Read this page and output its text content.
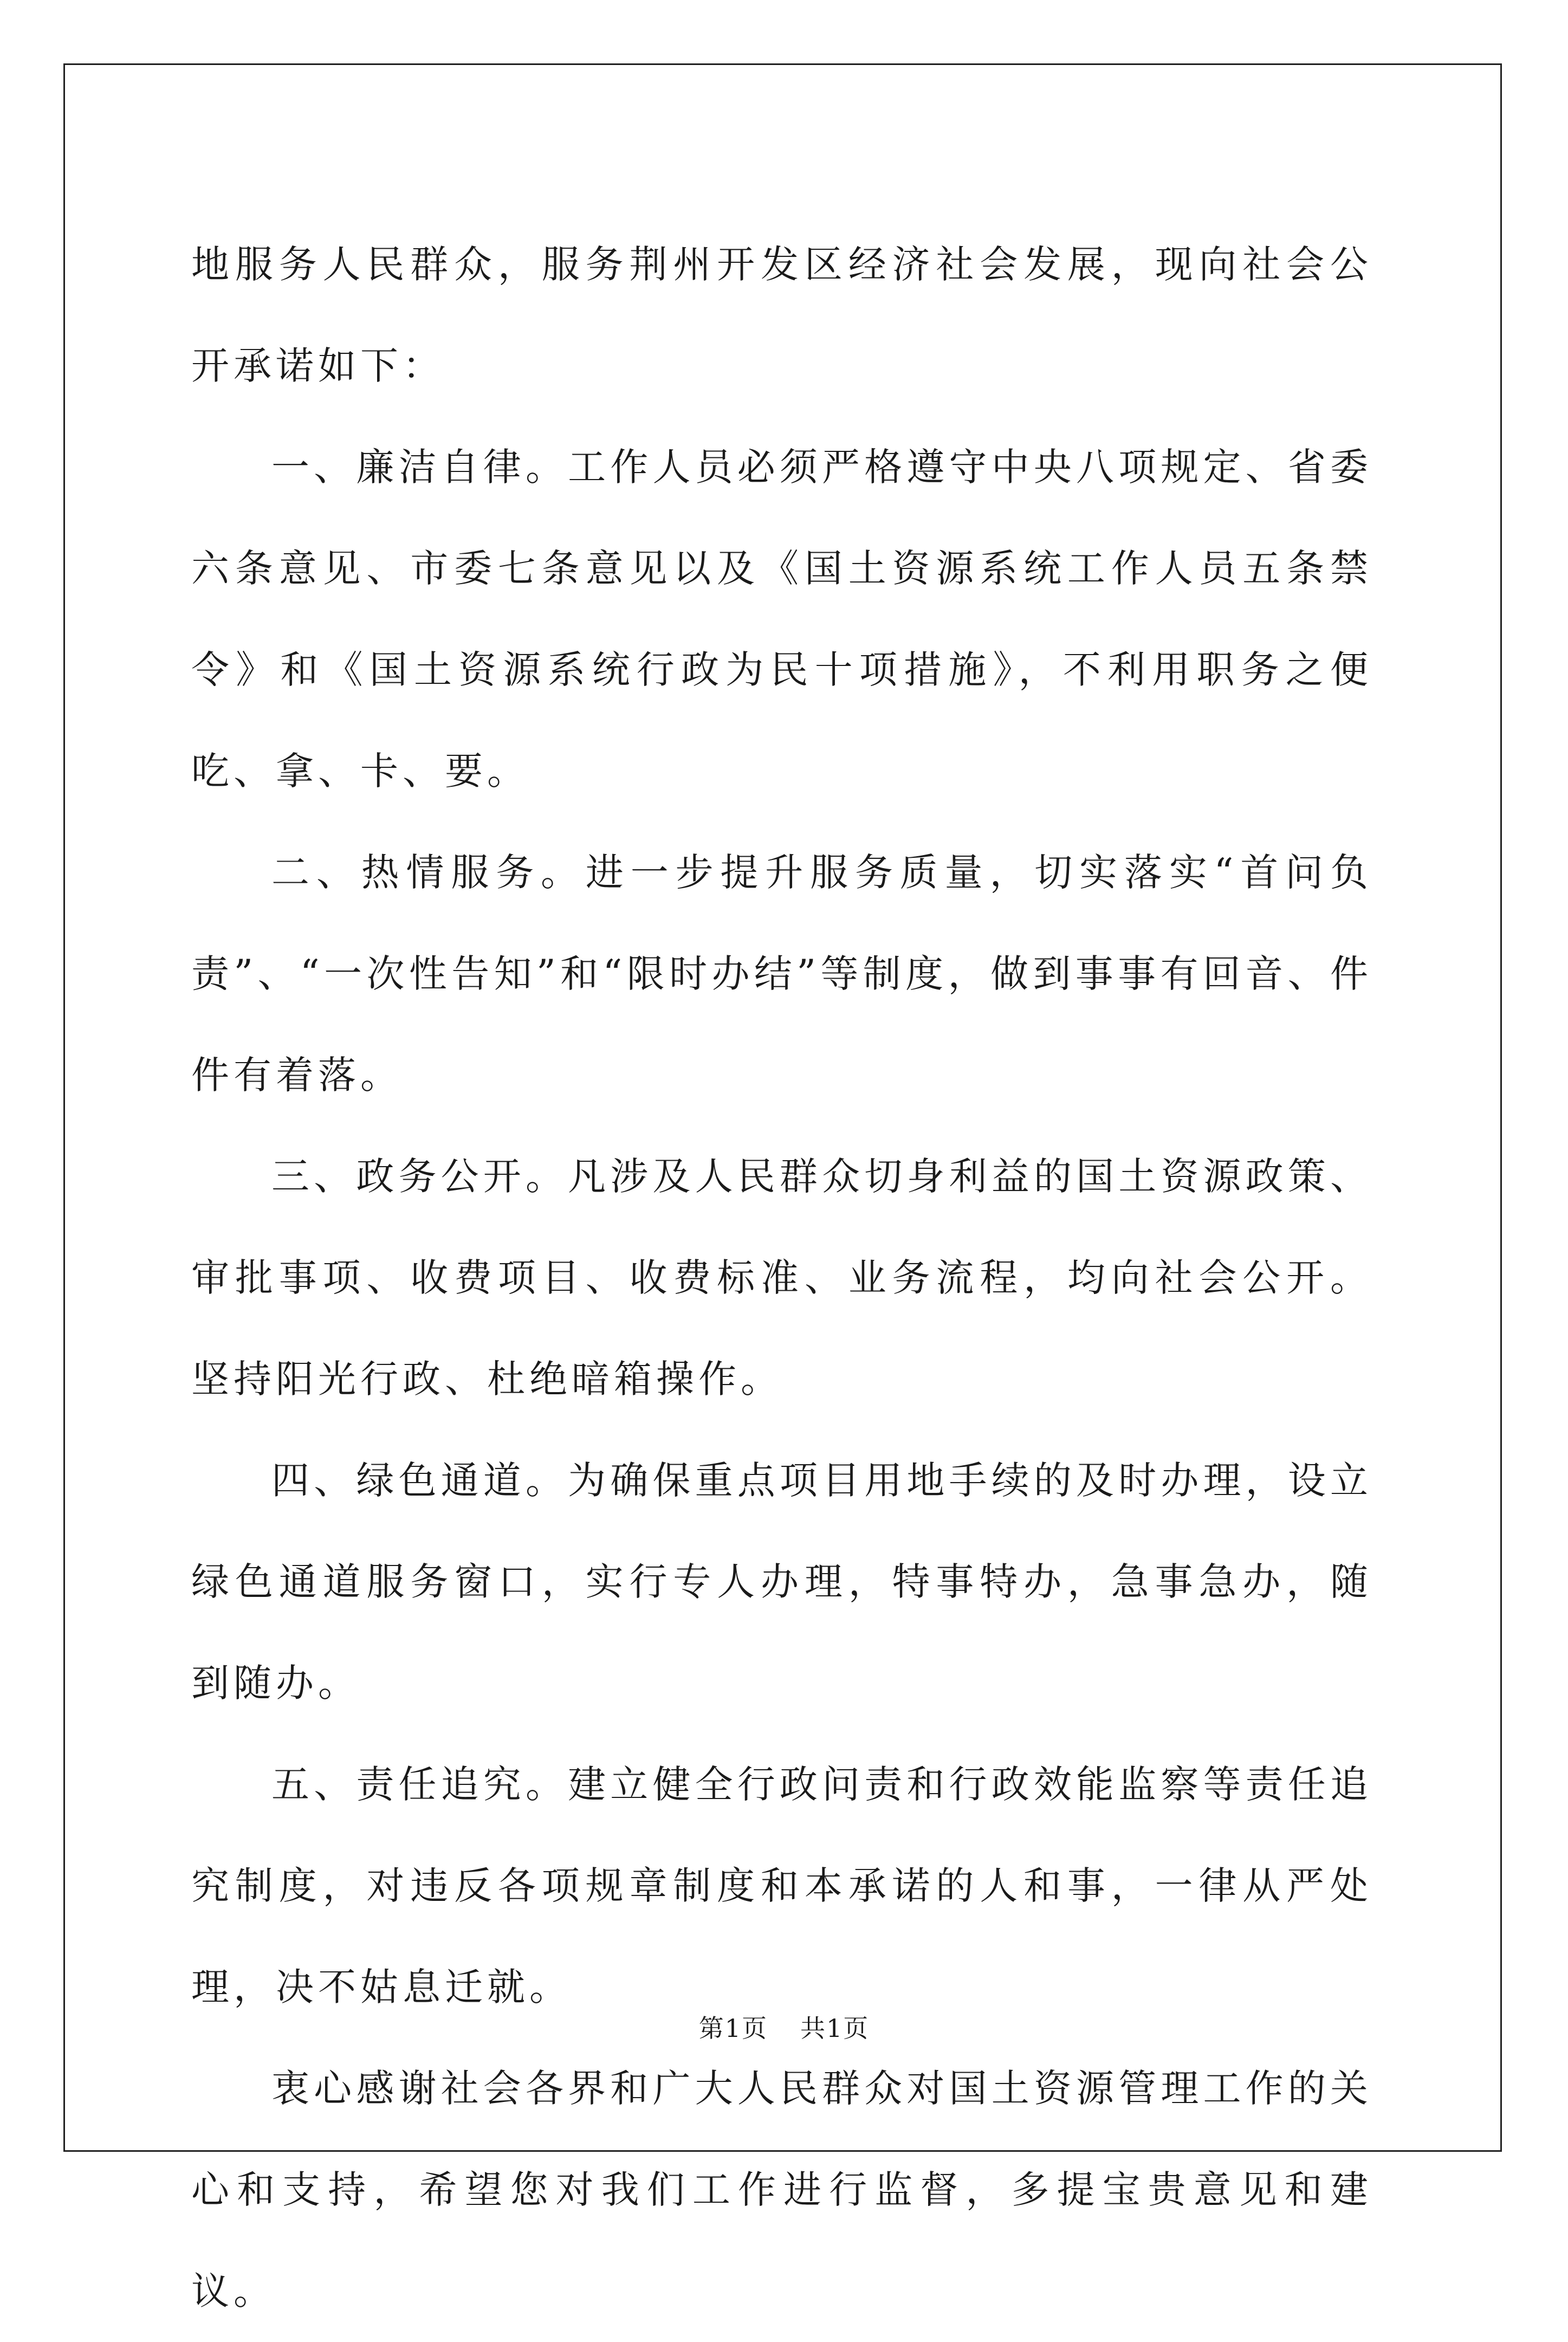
地服务人民群众，服务荆州开发区经济社会发展，现向社会公开承诺如下：

一、廉洁自律。工作人员必须严格遵守中央八项规定、省委六条意见、市委七条意见以及《国土资源系统工作人员五条禁令》和《国土资源系统行政为民十项措施》，不利用职务之便吃、拿、卡、要。

二、热情服务。进一步提升服务质量，切实落实“首问负责”、“一次性告知”和“限时办结”等制度，做到事事有回音、件件有着落。

三、政务公开。凡涉及人民群众切身利益的国土资源政策、审批事项、收费项目、收费标准、业务流程，均向社会公开。坚持阳光行政、杜绝暗箱操作。

四、绿色通道。为确保重点项目用地手续的及时办理，设立绿色通道服务窗口，实行专人办理，特事特办，急事急办，随到随办。

五、责任追究。建立健全行政问责和行政效能监察等责任追究制度，对违反各项规章制度和本承诺的人和事，一律从严处理，决不姑息迁就。

衷心感谢社会各界和广大人民群众对国土资源管理工作的关心和支持，希望您对我们工作进行监督，多提宝贵意见和建议。

第1页 共1页
